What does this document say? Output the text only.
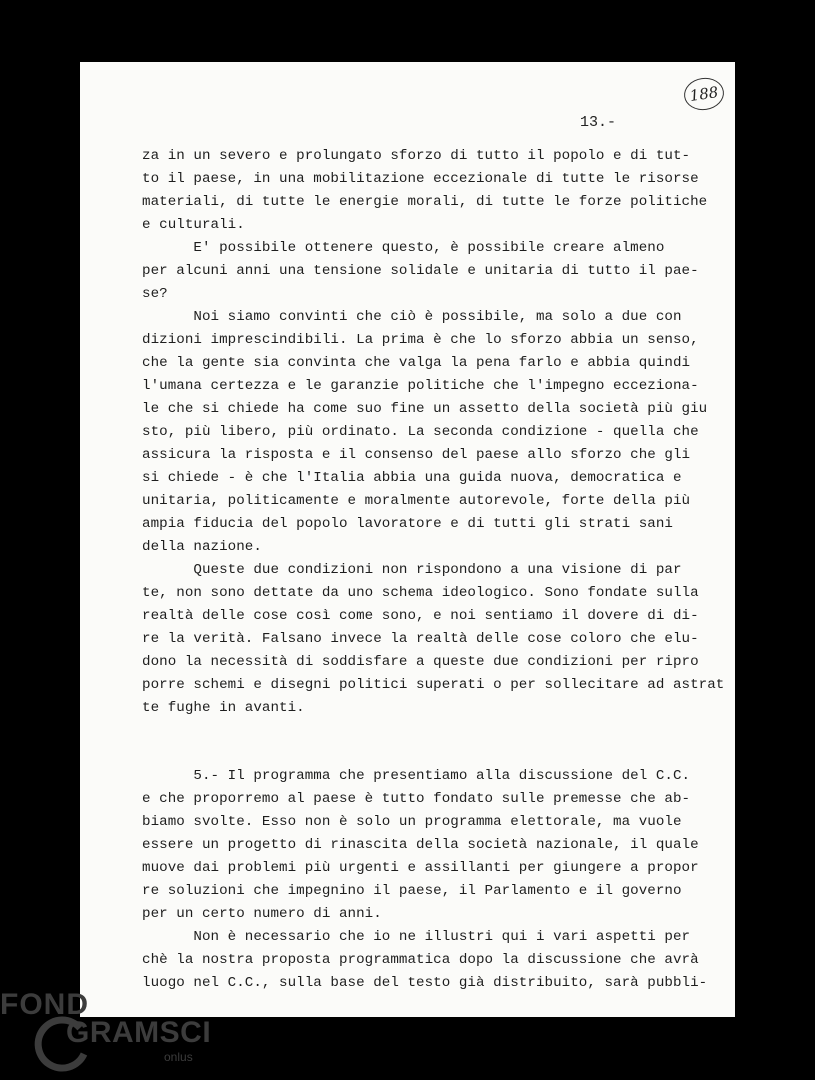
188
13.-
za in un severo e prolungato sforzo di tutto il popolo e di tut-
to il paese, in una mobilitazione eccezionale di tutte le risorse
materiali, di tutte le energie morali, di tutte le forze politiche
e culturali.
E' possibile ottenere questo, è possibile creare almeno
per alcuni anni una tensione solidale e unitaria di tutto il pae-
se?
Noi siamo convinti che ciò è possibile, ma solo a due con
dizioni imprescindibili. La prima è che lo sforzo abbia un senso,
che la gente sia convinta che valga la pena farlo e abbia quindi
l'umana certezza e le garanzie politiche che l'impegno ecceziona-
le che si chiede ha come suo fine un assetto della società più giu
sto, più libero, più ordinato. La seconda condizione - quella che
assicura la risposta e il consenso del paese allo sforzo che gli
si chiede - è che l'Italia abbia una guida nuova, democratica e
unitaria, politicamente e moralmente autorevole, forte della più
ampia fiducia del popolo lavoratore e di tutti gli strati sani
della nazione.
Queste due condizioni non rispondono a una visione di par
te, non sono dettate da uno schema ideologico. Sono fondate sulla
realtà delle cose così come sono, e noi sentiamo il dovere di di-
re la verità. Falsano invece la realtà delle cose coloro che elu-
dono la necessità di soddisfare a queste due condizioni per ripro
porre schemi e disegni politici superati o per sollecitare ad astrat
te fughe in avanti.
5.- Il programma che presentiamo alla discussione del C.C.
e che proporremo al paese è tutto fondato sulle premesse che ab-
biamo svolte. Esso non è solo un programma elettorale, ma vuole
essere un progetto di rinascita della società nazionale, il quale
muove dai problemi più urgenti e assillanti per giungere a propor
re soluzioni che impegnino il paese, il Parlamento e il governo
per un certo numero di anni.
Non è necessario che io ne illustri qui i vari aspetti per
chè la nostra proposta programmatica dopo la discussione che avrà
luogo nel C.C., sulla base del testo già distribuito, sarà pubbli-
FOND
GRAMSCI
onlus
